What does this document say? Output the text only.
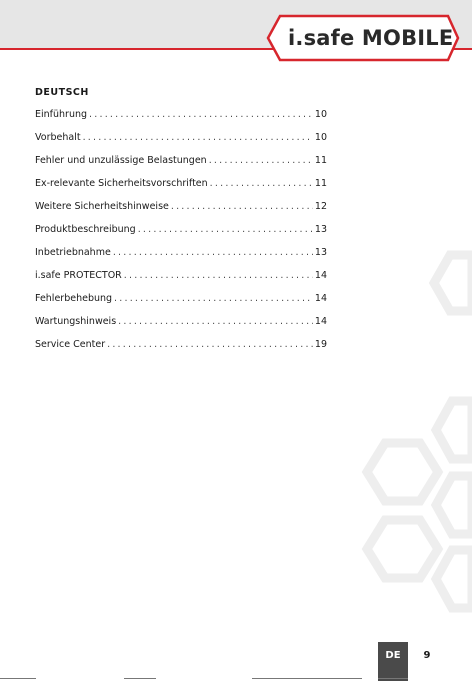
i.safe MOBILE
DEUTSCH
Einführung .....	10
Vorbehalt .....	10
Fehler und unzulässige Belastungen .....	11
Ex-relevante Sicherheitsvorschriften .....	11
Weitere Sicherheitshinweise .....	12
Produktbeschreibung .....	13
Inbetriebnahme .....	13
i.safe PROTECTOR .....	14
Fehlerbehebung .....	14
Wartungshinweis .....	14
Service Center .....	19
DE	9
